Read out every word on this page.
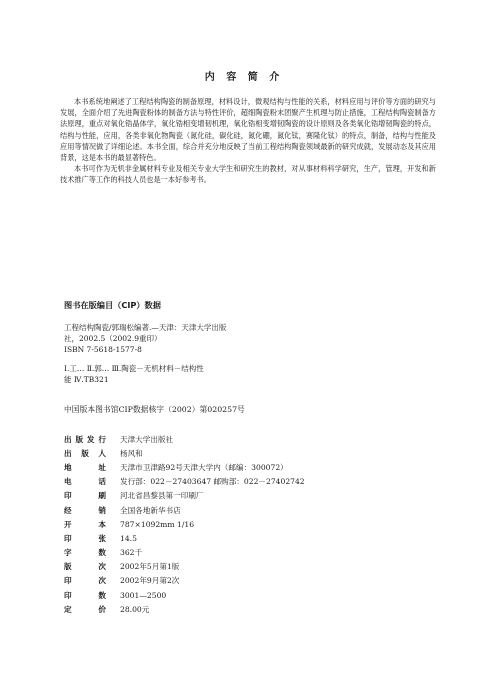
内 容 简 介

本书系统地阐述了工程结构陶瓷的制备原理，材料设计，微观结构与性能的关系，材料应用与评价等方面的研究与发展，全面介绍了先进陶瓷粉体的制备方法与特性评价，超细陶瓷粉末团聚产生机理与防止措施，工程结构陶瓷制备方法原理，重点对氧化锆晶体学，氧化锆相变增韧机理，氧化锆相变增韧陶瓷的设计原则及各类氧化锆增韧陶瓷的特点，结构与性能，应用，各类非氧化物陶瓷（氮化硅，碳化硅，氮化硼，氮化钛，赛隆化钛）的特点，制备，结构与性能及应用等情况做了详细论述。本书全面，综合并充分地反映了当前工程结构陶瓷领域最新的研究成就，发展动态及其应用背景，这是本书的最显著特色。

本书可作为无机非金属材料专业及相关专业大学生和研究生的教材，对从事材料科学研究，生产，管理，开发和新技术推广等工作的科技人员也是一本好参考书。

图书在版编目（CIP）数据
工程结构陶瓷/郭瑞松编著.—天津：天津大学出版
社，2002.5（2002.9重印）
ISBN 7-5618-1577-8
Ⅰ.工… Ⅱ.郭… Ⅲ.陶瓷－无机材料－结构性
能 Ⅳ.TB321
中国版本图书馆CIP数据核字（2002）第020257号
出版发行 天津大学出版社
出版人 杨风和
地址 天津市卫津路92号天津大学内（邮编：300072）
电话 发行部：022－27403647 邮购部：022－27402742
印刷 河北省昌黎县第一印刷厂
经销 全国各地新华书店
开本 787×1092mm 1/16
印张 14.5
字数 362千
版次 2002年5月第1版
印次 2002年9月第2次
印数 3001—2500
定价 28.00元
